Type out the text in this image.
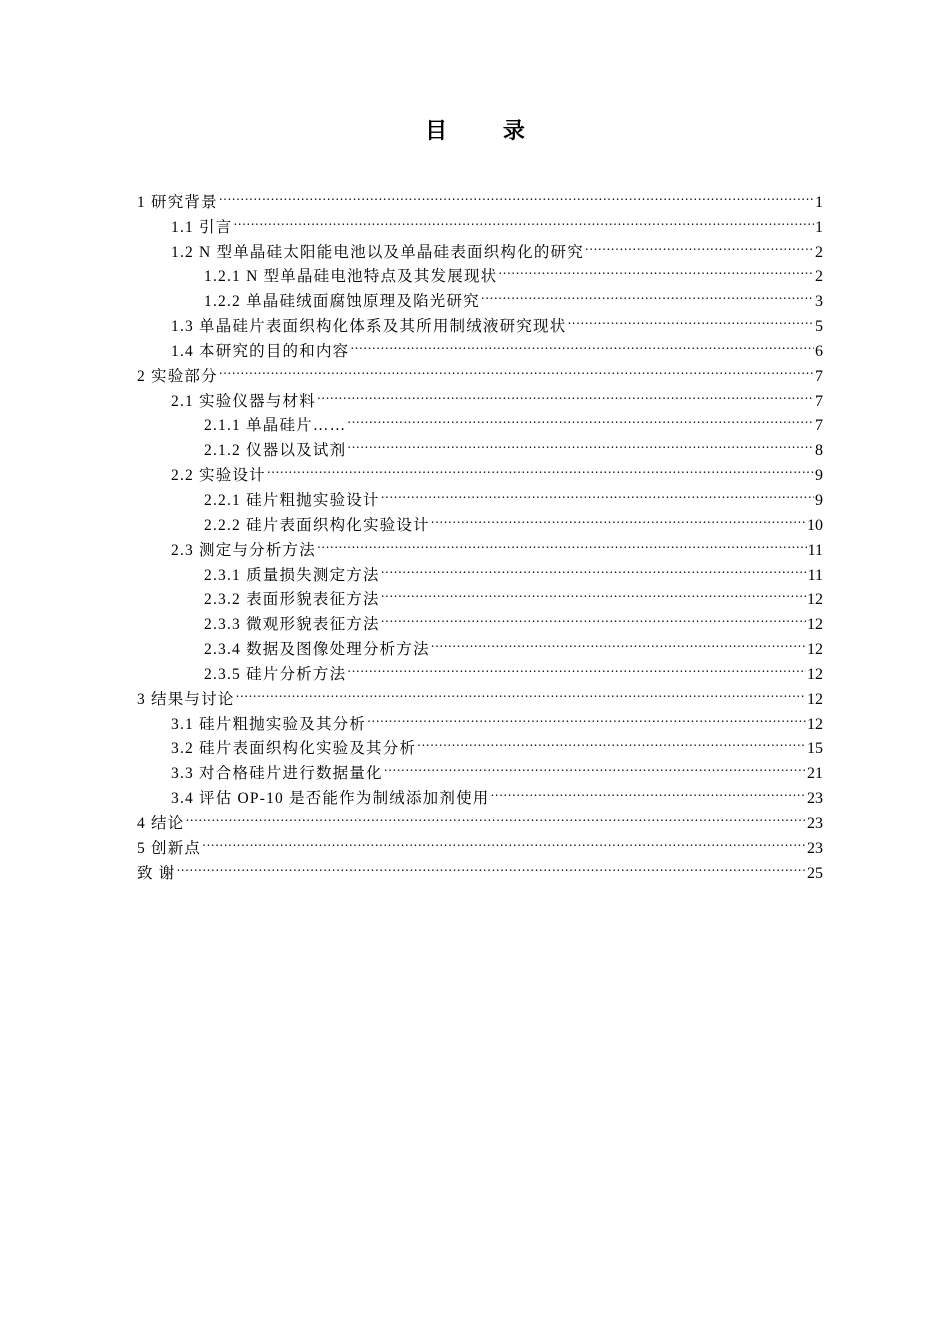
目 录
1 研究背景 .....	1
1.1 引言 .....	1
1.2 N 型单晶硅太阳能电池以及单晶硅表面织构化的研究 .....	2
1.2.1 N 型单晶硅电池特点及其发展现状 .....	2
1.2.2 单晶硅绒面腐蚀原理及陷光研究 .....	3
1.3 单晶硅片表面织构化体系及其所用制绒液研究现状 .....	5
1.4 本研究的目的和内容 .....	6
2 实验部分 .....	7
2.1 实验仪器与材料 .....	7
2.1.1 单晶硅片…… .....	7
2.1.2 仪器以及试剂 .....	8
2.2 实验设计 .....	9
2.2.1 硅片粗抛实验设计 .....	9
2.2.2 硅片表面织构化实验设计 .....	10
2.3 测定与分析方法 .....	11
2.3.1 质量损失测定方法 .....	11
2.3.2 表面形貌表征方法 .....	12
2.3.3 微观形貌表征方法 .....	12
2.3.4 数据及图像处理分析方法 .....	12
2.3.5 硅片分析方法 .....	12
3 结果与讨论 .....	12
3.1 硅片粗抛实验及其分析 .....	12
3.2 硅片表面织构化实验及其分析 .....	15
3.3 对合格硅片进行数据量化 .....	21
3.4 评估 OP-10 是否能作为制绒添加剂使用 .....	23
4 结论 .....	23
5 创新点 .....	23
致 谢 .....	25
